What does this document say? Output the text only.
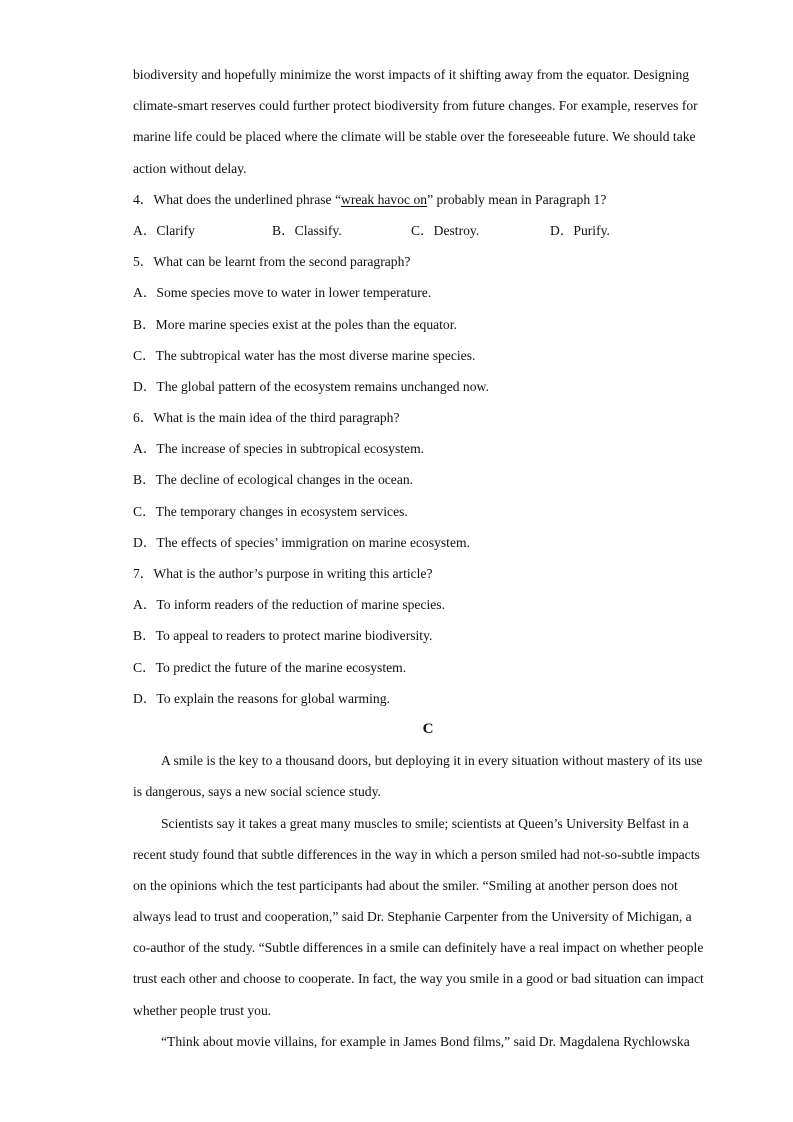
biodiversity and hopefully minimize the worst impacts of it shifting away from the equator. Designing

climate-smart reserves could further protect biodiversity from future changes. For example, reserves for

marine life could be placed where the climate will be stable over the foreseeable future. We should take

action without delay.

4．What does the underlined phrase “wreak havoc on” probably mean in Paragraph 1?

A．Clarify	B．Classify.	C．Destroy.	D．Purify.

5．What can be learnt from the second paragraph?

A．Some species move to water in lower temperature.

B．More marine species exist at the poles than the equator.

C．The subtropical water has the most diverse marine species.

D．The global pattern of the ecosystem remains unchanged now.

6．What is the main idea of the third paragraph?

A．The increase of species in subtropical ecosystem.

B．The decline of ecological changes in the ocean.

C．The temporary changes in ecosystem services.

D．The effects of species’ immigration on marine ecosystem.

7．What is the author’s purpose in writing this article?

A．To inform readers of the reduction of marine species.

B．To appeal to readers to protect marine biodiversity.

C．To predict the future of the marine ecosystem.

D．To explain the reasons for global warming.

C

A smile is the key to a thousand doors, but deploying it in every situation without mastery of its use

is dangerous, says a new social science study.

Scientists say it takes a great many muscles to smile; scientists at Queen’s University Belfast in a

recent study found that subtle differences in the way in which a person smiled had not-so-subtle impacts

on the opinions which the test participants had about the smiler. “Smiling at another person does not

always lead to trust and cooperation,” said Dr. Stephanie Carpenter from the University of Michigan, a

co-author of the study. “Subtle differences in a smile can definitely have a real impact on whether people

trust each other and choose to cooperate. In fact, the way you smile in a good or bad situation can impact

whether people trust you.

“Think about movie villains, for example in James Bond films,” said Dr. Magdalena Rychlowska
